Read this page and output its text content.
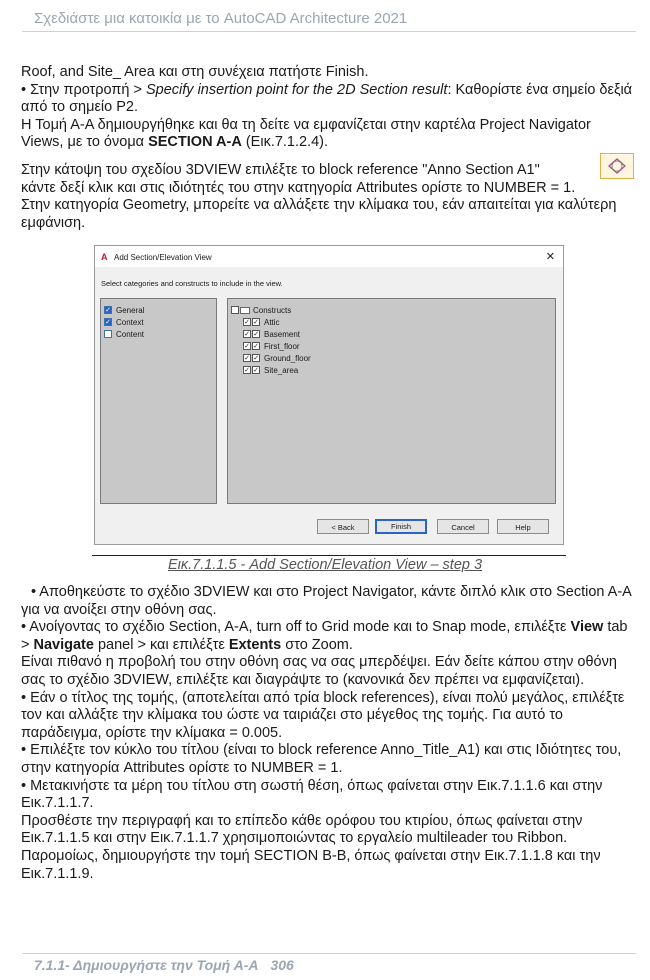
Σχεδιάστε μια κατοικία με το AutoCAD Architecture 2021

Roof, and Site_ Area και στη συνέχεια πατήστε Finish.

• Στην προτροπή > Specify insertion point for the 2D Section result: Καθορίστε ένα σημείο δεξιά από το σημείο P2.

Η Τομή Α-Α δημιουργήθηκε και θα τη δείτε να εμφανίζεται στην καρτέλα Project Navigator Views, με το όνομα SECTION A-A (Εικ.7.1.2.4).

Στην κάτοψη του σχεδίου 3DVIEW επιλέξτε το block reference "Anno Section A1"

κάντε δεξί κλικ και στις ιδιότητές του στην κατηγορία Attributes ορίστε το NUMBER = 1.

Στην κατηγορία Geometry, μπορείτε να αλλάξετε την κλίμακα του, εάν απαιτείται για καλύτερη εμφάνιση.

A Add Section/Elevation View	✕
Select categories and constructs to include in the view.
✓ General
✓ Context
Content
Constructs
✓ ✓ Attic
✓ ✓ Basement
✓ ✓ First_floor
✓ ✓ Ground_floor
✓ ✓ Site_area
< Back	Finish	Cancel	Help
Εικ.7.1.1.5 - Add Section/Elevation View – step 3

• Αποθηκεύστε το σχέδιο 3DVIEW και στο Project Navigator, κάντε διπλό κλικ στο Section A-A για να ανοίξει στην οθόνη σας.

• Ανοίγοντας το σχέδιο Section, A-A, turn off to Grid mode και to Snap mode, επιλέξτε View tab > Navigate panel > και επιλέξτε Extents στο Zoom.

Είναι πιθανό η προβολή του στην οθόνη σας να σας μπερδέψει. Εάν δείτε κάπου στην οθόνη σας το σχέδιο 3DVIEW, επιλέξτε και διαγράψτε το (κανονικά δεν πρέπει να εμφανίζεται).

• Εάν ο τίτλος της τομής, (αποτελείται από τρία block references), είναι πολύ μεγάλος, επιλέξτε τον και αλλάξτε την κλίμακα του ώστε να ταιριάζει στο μέγεθος της τομής. Για αυτό το παράδειγμα, ορίστε την κλίμακα = 0.005.

• Επιλέξτε τον κύκλο του τίτλου (είναι το block reference Anno_Title_A1) και στις Ιδιότητες του, στην κατηγορία Attributes ορίστε το NUMBER = 1.

• Μετακινήστε τα μέρη του τίτλου στη σωστή θέση, όπως φαίνεται στην Εικ.7.1.1.6 και στην Εικ.7.1.1.7.

Προσθέστε την περιγραφή και το επίπεδο κάθε ορόφου του κτιρίου, όπως φαίνεται στην Εικ.7.1.1.5 και στην Εικ.7.1.1.7 χρησιμοποιώντας το εργαλείο multileader του Ribbon.

Παρομοίως, δημιουργήστε την τομή SECTION B-B, όπως φαίνεται στην Εικ.7.1.1.8 και την Εικ.7.1.1.9.

7.1.1- Δημιουργήστε την Τομή Α-Α 306
